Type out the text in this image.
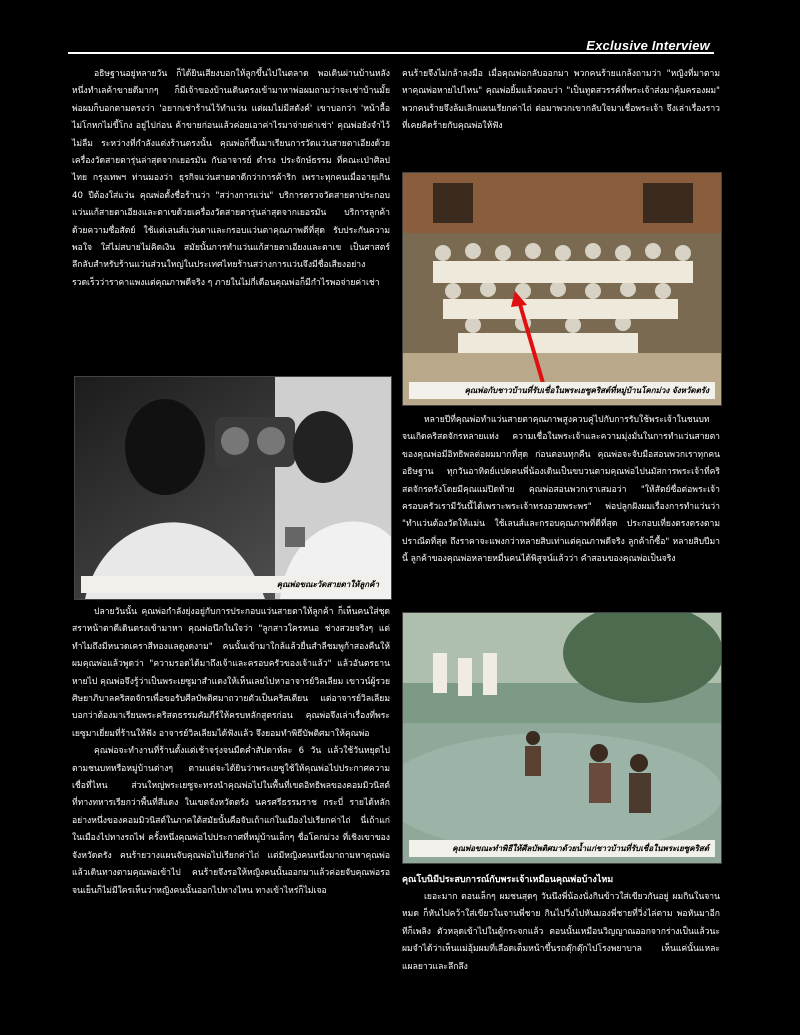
Exclusive Interview

อธิษฐานอยู่หลายวัน ก็ได้ยินเสียงบอกให้ลูกขึ้นไปในตลาด พอเดินผ่านบ้านหลังหนึ่งทำเลค้าขายดีมากๆ ก็มีเจ้าของบ้านเดินตรงเข้ามาหาพ่อผมถามว่าจะเช่าบ้านมั้ย พ่อผมก็บอกตามตรงว่า 'อยากเช่าร้านไว้ทำแว่น แต่ผมไม่มีสตังค์' เขาบอกว่า 'หน้าลื้อไม่โกหกไม่ขี้โกง อยู่ไปก่อน ค้าขายก่อนแล้วค่อยเอาค่าไรมาจ่ายค่าเช่า' คุณพ่อยังจำไว้ไม่ลืม ระหว่างที่กำลังแต่งร้านตรงนั้น คุณพ่อก็ขึ้นมาเรียนการวัดแว่นสายตาเอียงด้วยเครื่องวัดสายตารุ่นล่าสุดจากเยอรมัน กับอาจารย์ ดำรง ประจักษ์ธรรม ที่คณะเป่าศิลปไทย กรุงเทพฯ ท่านมองว่า ธุรกิจแว่นสายตาดีกว่าการค้าริก เพราะทุกคนเมื่ออายุเกิน 40 ปีต้องใส่แว่น คุณพ่อตั้งชื่อร้านว่า "สว่างการแว่น" บริการตรวจวัดสายตาประกอบแว่นแก้สายตาเอียงและตาเขด้วยเครื่องวัดสายตารุ่นล่าสุดจากเยอรมัน บริการลูกค้าด้วยความซื่อสัตย์ ใช้แต่เลนส์แว่นตาและกรอบแว่นตาคุณภาพดีที่สุด รับประกันความพอใจ ใส่ไม่สบายไม่คิดเงิน สมัยนั้นการทำแว่นแก้สายตาเอียงและตาเข เป็นศาสตร์ลึกลับสำหรับร้านแว่นส่วนใหญ่ในประเทศไทยร้านสว่างการแว่นจึงมีชื่อเสียงอย่างรวดเร็วว่าราคาแพงแต่คุณภาพดีจริง ๆ ภายในไม่กี่เดือนคุณพ่อก็มีกำไรพอจ่ายค่าเช่า

คุณพ่อขณะวัดสายตาให้ลูกค้า

ปลายวันนั้น คุณพ่อกำลังยุ่งอยู่กับการประกอบแว่นสายตาให้ลูกค้า ก็เห็นคนใส่ชุดสราหน้าตาดีเดินตรงเข้ามาหา คุณพ่อนึกในใจว่า "ลูกสาวใครหนอ ช่างสวยจริงๆ แต่ทำไมถึงมีหนวดเคราสีทองแลดูงดงาม" คนนั้นเข้ามาใกล้แล้วยื่นสำลีชมพูก้าสองคืนให้ผมคุณพ่อแล้วพูดว่า "ความรอดได้มาถึงเจ้าและครอบครัวของเจ้าแล้ว" แล้วอันตรธานหายไป คุณพ่อจึงรู้ว่าเป็นพระเยซูมาสำแดงให้เห็นเลยไปหาอาจารย์วิลเลียม เขาวน์ผู้รวย ศิษยาภิบาลคริสตจักรเพื่อขอรับศีลบัพติศมาถวายตัวเป็นคริสเตียน แต่อาจารย์วิลเลียม บอกว่าต้องมาเรียนพระคริสตธรรมคัมภีร์ให้ครบหลักสูตรก่อน คุณพ่อจึงเล่าเรื่องที่พระเยซูมาเยี่ยมที่ร้านให้ฟัง อาจารย์วิลเลียมได้ฟังแล้ว จึงยอมทำพิธีบัพติศมาให้คุณพ่อ

คุณพ่อจะทำงานที่ร้านตั้งแต่เช้าจรุ่งจนมืดค่ำสัปดาห์ละ 6 วัน แล้วใช้วันหยุดไปตามชนบทหรือหมู่บ้านต่างๆ ตามแต่จะได้ยินว่าพระเยซูใช้ให้คุณพ่อไปประกาศความเชื่อที่ไหน ส่วนใหญ่พระเยซูจะทรงนำคุณพ่อไปในพื้นที่เขตอิทธิพลของคอมมิวนิสต์ ที่ทางทหารเรียกว่าพื้นที่สีแดง ในเขตจังหวัดตรัง นครศรีธรรมราช กระบี่ รายได้หลักอย่างหนึ่งของคอมมิวนิสต์ในภาคใต้สมัยนั้นคือจับเถ้าแก่ในเมืองไปเรียกค่าไถ่ นี่เถ้าแก่ในเมืองไปทางรถไฟ ครั้งหนึ่งคุณพ่อไปประกาศที่หมู่บ้านเล็กๆ ชื่อโคกม่วง ที่เชิงเขาของจังหวัดตรัง คนร้ายวางแผนจับคุณพ่อไปเรียกค่าไถ่ แต่มีหญิงคนหนึ่งมาถามหาคุณพ่อแล้วเดินทางตามคุณพ่อเข้าไป คนร้ายจึงรอให้หญิงคนนั้นออกมาแล้วค่อยจับคุณพ่อรอจนเย็นก็ไม่มีใครเห็นว่าหญิงคนนั้นออกไปทางไหน ทางเข้าไหร่ก็ไม่เจอ

คนร้ายจึงไม่กล้าลงมือ เมื่อคุณพ่อกลับออกมา พวกคนร้ายแกล้งถามว่า "หญิงที่มาตามหาคุณพ่อหายไปไหน" คุณพ่อยิ้มแล้วตอบว่า "เป็นทูตสวรรค์ที่พระเจ้าส่งมาคุ้มครองผม" พวกคนร้ายจึงล้มเลิกแผนเรียกค่าไถ่ ต่อมาพวกเขากลับใจมาเชื่อพระเจ้า จึงเล่าเรื่องราวที่เคยคิดร้ายกับคุณพ่อให้ฟัง

คุณพ่อกับชาวบ้านที่รับเชื่อในพระเยซูคริสต์ที่หมู่บ้านโคกม่วง จังหวัดตรัง

หลายปีที่คุณพ่อทำแว่นสายตาคุณภาพสูงควบคู่ไปกับการรับใช้พระเจ้าในชนบทจนเกิดคริสตจักรหลายแห่ง ความเชื่อในพระเจ้าและความมุ่งมั่นในการทำแว่นสายตาของคุณพ่อมีอิทธิพลต่อผมมากที่สุด ก่อนตอนทุกคืน คุณพ่อจะจับมือสอนพวกเราทุกคนอธิษฐาน ทุกวันอาทิตย์แปดคนพี่น้องเดินเป็นขบวนตามคุณพ่อไปนมัสการพระเจ้าที่คริสตจักรตรังโดยมีคุณแม่ปิดท้าย คุณพ่อสอนพวกเราเสมอว่า "ให้สัตย์ซื่อต่อพระเจ้า ครอบครัวเรามีวันนี้ได้เพราะพระเจ้าทรงอวยพระพร" พ่อปลูกฝังผมเรื่องการทำแว่นว่า "ทำแว่นต้องวัดให้แม่น ใช้เลนส์และกรอบคุณภาพที่ดีที่สุด ประกอบเที่ยงตรงตรงตามปราณีตที่สุด ถึงราคาจะแพงกว่าหลายสิบเท่าแต่คุณภาพดีจริง ลูกค้าก็ซื้อ" หลายสิบปีมานี้ ลูกค้าของคุณพ่อหลายหมื่นคนได้พิสูจน์แล้วว่า คำสอนของคุณพ่อเป็นจริง

คุณพ่อขณะทำพิธีให้ศีลบัพติศมาด้วยน้ำแก่ชาวบ้านที่รับเชื่อในพระเยซูคริสต์
คุณโบนิมีประสบการณ์กับพระเจ้าเหมือนคุณพ่อบ้างไหม

เยอะมาก ตอนเล็กๆ ผมชนสุดๆ วันนึงพี่น้องนั่งกินข้าวใส่เขียวกันอยู่ ผมกินในจานหมด ก็หันไปคว้าใส่เขียวในจานพี่ชาย กินไปวิ่งไปหันมองพี่ชายที่วิ่งไล่ตาม พอหันมาอีกทีก็เพลิง ตัวหลุดเข้าไปในตู้กระจกแล้ว ตอนนั้นเหมือนวิญญาณออกจากร่างเป็นแล้วนะ ผมจำได้ว่าเห็นแม่อุ้มผมที่เลือดเต็มหน้าขึ้นรถตุ๊กตุ๊กไปโรงพยาบาล เห็นแค่นั้นแหละ แผลยาวและลึกลึง
